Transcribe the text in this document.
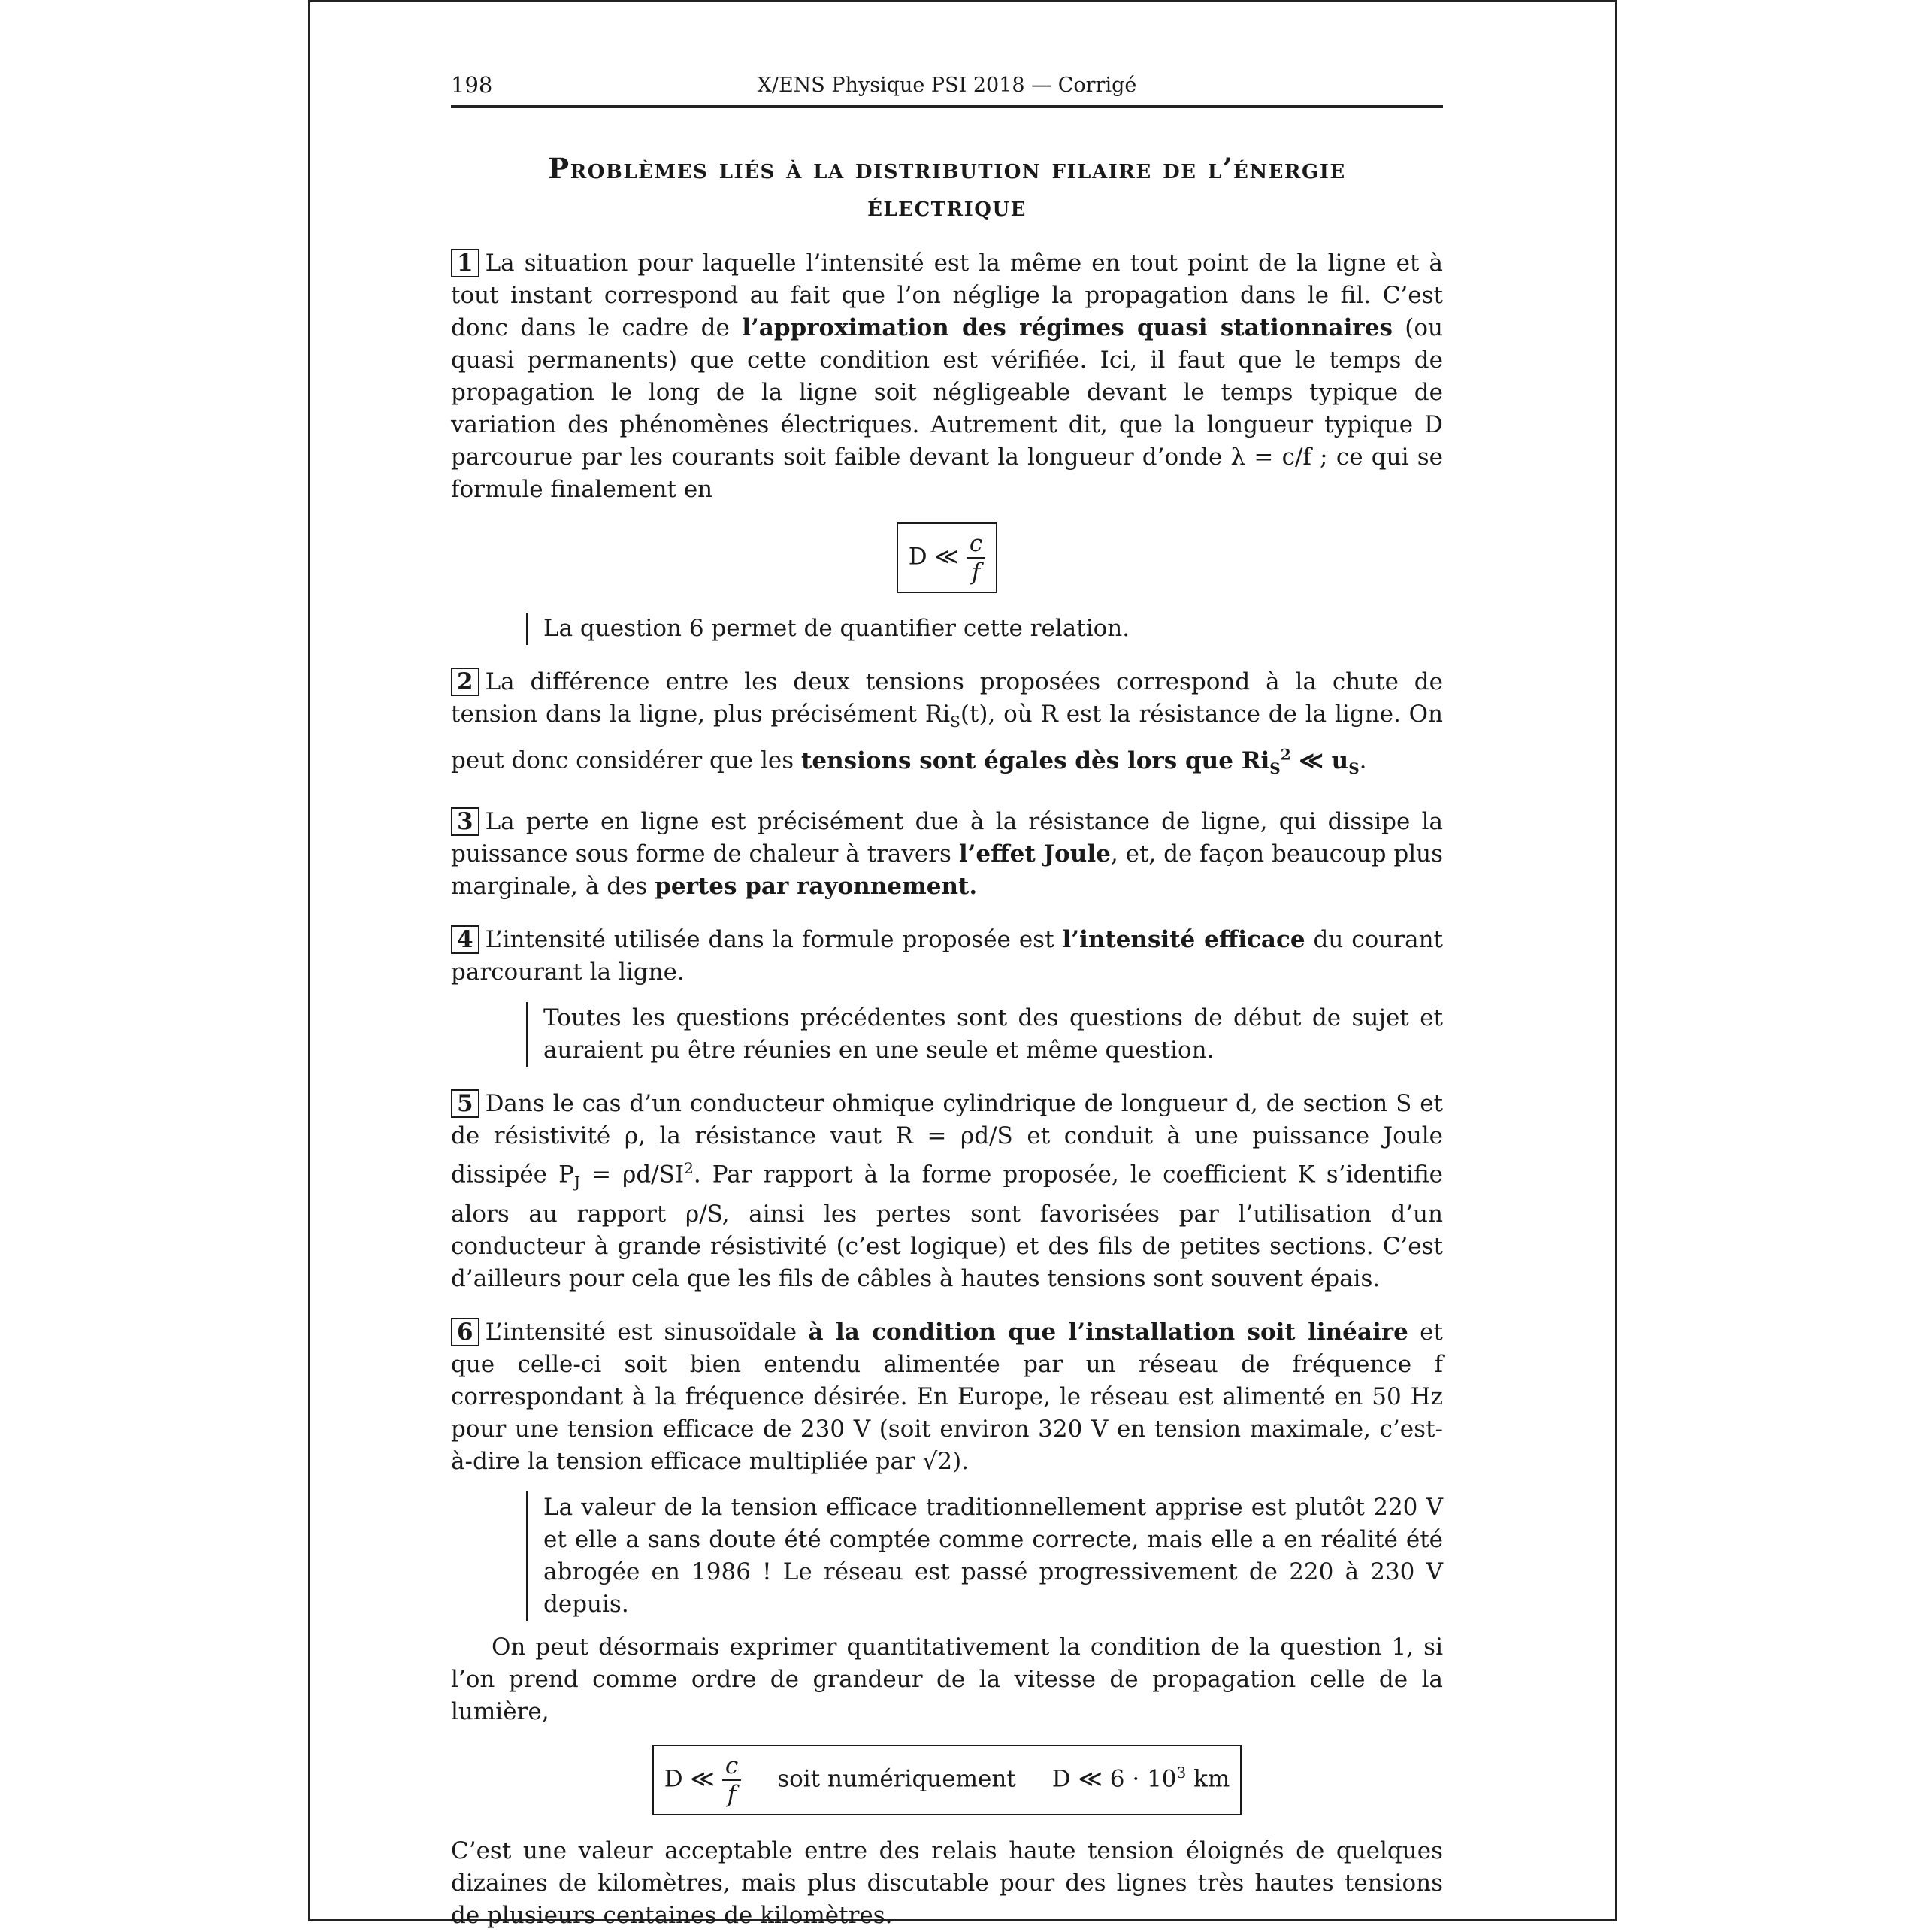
198	X/ENS Physique PSI 2018 — Corrigé
Problèmes liés à la distribution filaire de l’énergie électrique

1 La situation pour laquelle l’intensité est la même en tout point de la ligne et à tout instant correspond au fait que l’on néglige la propagation dans le fil. C’est donc dans le cadre de l’approximation des régimes quasi stationnaires (ou quasi permanents) que cette condition est vérifiée. Ici, il faut que le temps de propagation le long de la ligne soit négligeable devant le temps typique de variation des phénomènes électriques. Autrement dit, que la longueur typique D parcourue par les courants soit faible devant la longueur d’onde λ = c/f ; ce qui se formule finalement en

D ≪ $\frac{c}{f}$

La question 6 permet de quantifier cette relation.

2 La différence entre les deux tensions proposées correspond à la chute de tension dans la ligne, plus précisément $Ri_S(t)$, où R est la résistance de la ligne. On peut donc considérer que les tensions sont égales dès lors que $Ri_S^2$ ≪ $u_S$.

3 La perte en ligne est précisément due à la résistance de ligne, qui dissipe la puissance sous forme de chaleur à travers l’effet Joule, et, de façon beaucoup plus marginale, à des pertes par rayonnement.

4 L’intensité utilisée dans la formule proposée est l’intensité efficace du courant parcourant la ligne.

Toutes les questions précédentes sont des questions de début de sujet et auraient pu être réunies en une seule et même question.

5 Dans le cas d’un conducteur ohmique cylindrique de longueur d, de section S et de résistivité ρ, la résistance vaut R = ρd/S et conduit à une puissance Joule dissipée $P_J = \rho d/SI^2$. Par rapport à la forme proposée, le coefficient K s’identifie alors au rapport ρ/S, ainsi les pertes sont favorisées par l’utilisation d’un conducteur à grande résistivité (c’est logique) et des fils de petites sections. C’est d’ailleurs pour cela que les fils de câbles à hautes tensions sont souvent épais.

6 L’intensité est sinusoïdale à la condition que l’installation soit linéaire et que celle-ci soit bien entendu alimentée par un réseau de fréquence f correspondant à la fréquence désirée. En Europe, le réseau est alimenté en 50 Hz pour une tension efficace de 230 V (soit environ 320 V en tension maximale, c’est-à-dire la tension efficace multipliée par √2).

La valeur de la tension efficace traditionnellement apprise est plutôt 220 V et elle a sans doute été comptée comme correcte, mais elle a en réalité été abrogée en 1986 ! Le réseau est passé progressivement de 220 à 230 V depuis.

On peut désormais exprimer quantitativement la condition de la question 1, si l’on prend comme ordre de grandeur de la vitesse de propagation celle de la lumière,

D ≪ $\frac{c}{f}$ soit numériquement D ≪ $6 \cdot 10^3$ km

C’est une valeur acceptable entre des relais haute tension éloignés de quelques dizaines de kilomètres, mais plus discutable pour des lignes très hautes tensions de plusieurs centaines de kilomètres.
